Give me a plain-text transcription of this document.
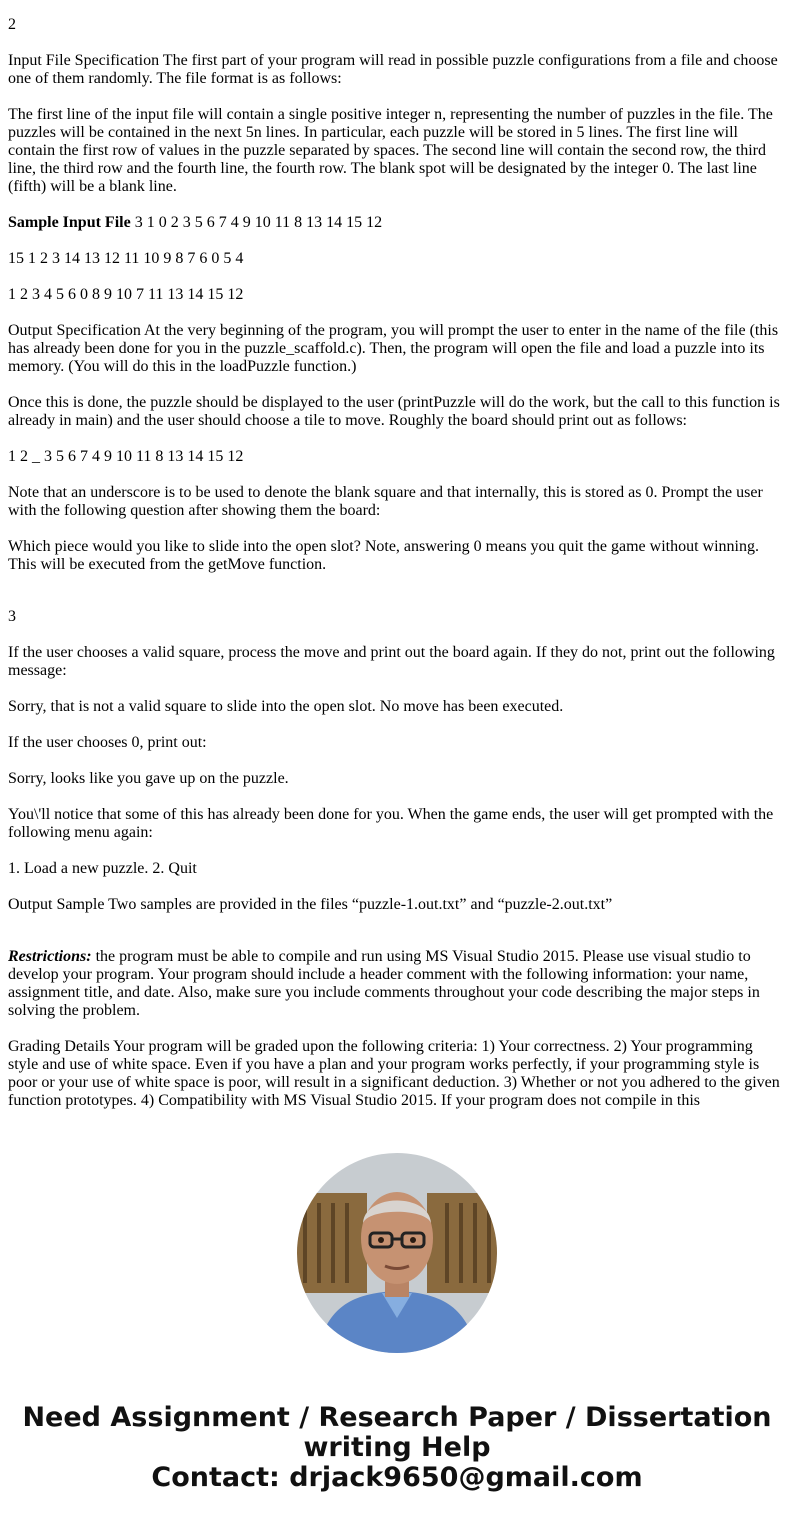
2

Input File Specification The first part of your program will read in possible puzzle configurations from a file and choose one of them randomly. The file format is as follows:

The first line of the input file will contain a single positive integer n, representing the number of puzzles in the file. The puzzles will be contained in the next 5n lines. In particular, each puzzle will be stored in 5 lines. The first line will contain the first row of values in the puzzle separated by spaces. The second line will contain the second row, the third line, the third row and the fourth line, the fourth row. The blank spot will be designated by the integer 0. The last line (fifth) will be a blank line.

Sample Input File 3 1 0 2 3 5 6 7 4 9 10 11 8 13 14 15 12

15 1 2 3 14 13 12 11 10 9 8 7 6 0 5 4

1 2 3 4 5 6 0 8 9 10 7 11 13 14 15 12

Output Specification At the very beginning of the program, you will prompt the user to enter in the name of the file (this has already been done for you in the puzzle_scaffold.c). Then, the program will open the file and load a puzzle into its memory. (You will do this in the loadPuzzle function.)

Once this is done, the puzzle should be displayed to the user (printPuzzle will do the work, but the call to this function is already in main) and the user should choose a tile to move. Roughly the board should print out as follows:

1 2 _ 3 5 6 7 4 9 10 11 8 13 14 15 12

Note that an underscore is to be used to denote the blank square and that internally, this is stored as 0. Prompt the user with the following question after showing them the board:

Which piece would you like to slide into the open slot? Note, answering 0 means you quit the game without winning. This will be executed from the getMove function.

3

If the user chooses a valid square, process the move and print out the board again. If they do not, print out the following message:

Sorry, that is not a valid square to slide into the open slot. No move has been executed.

If the user chooses 0, print out:

Sorry, looks like you gave up on the puzzle.

You\'ll notice that some of this has already been done for you. When the game ends, the user will get prompted with the following menu again:

1. Load a new puzzle. 2. Quit

Output Sample Two samples are provided in the files “puzzle-1.out.txt” and “puzzle-2.out.txt”

Restrictions: the program must be able to compile and run using MS Visual Studio 2015. Please use visual studio to develop your program. Your program should include a header comment with the following information: your name, assignment title, and date. Also, make sure you include comments throughout your code describing the major steps in solving the problem.

Grading Details Your program will be graded upon the following criteria: 1) Your correctness. 2) Your programming style and use of white space. Even if you have a plan and your program works perfectly, if your programming style is poor or your use of white space is poor, will result in a significant deduction. 3) Whether or not you adhered to the given function prototypes. 4) Compatibility with MS Visual Studio 2015. If your program does not compile in this

Need Assignment / Research Paper / Dissertation
writing Help
Contact: drjack9650@gmail.com
